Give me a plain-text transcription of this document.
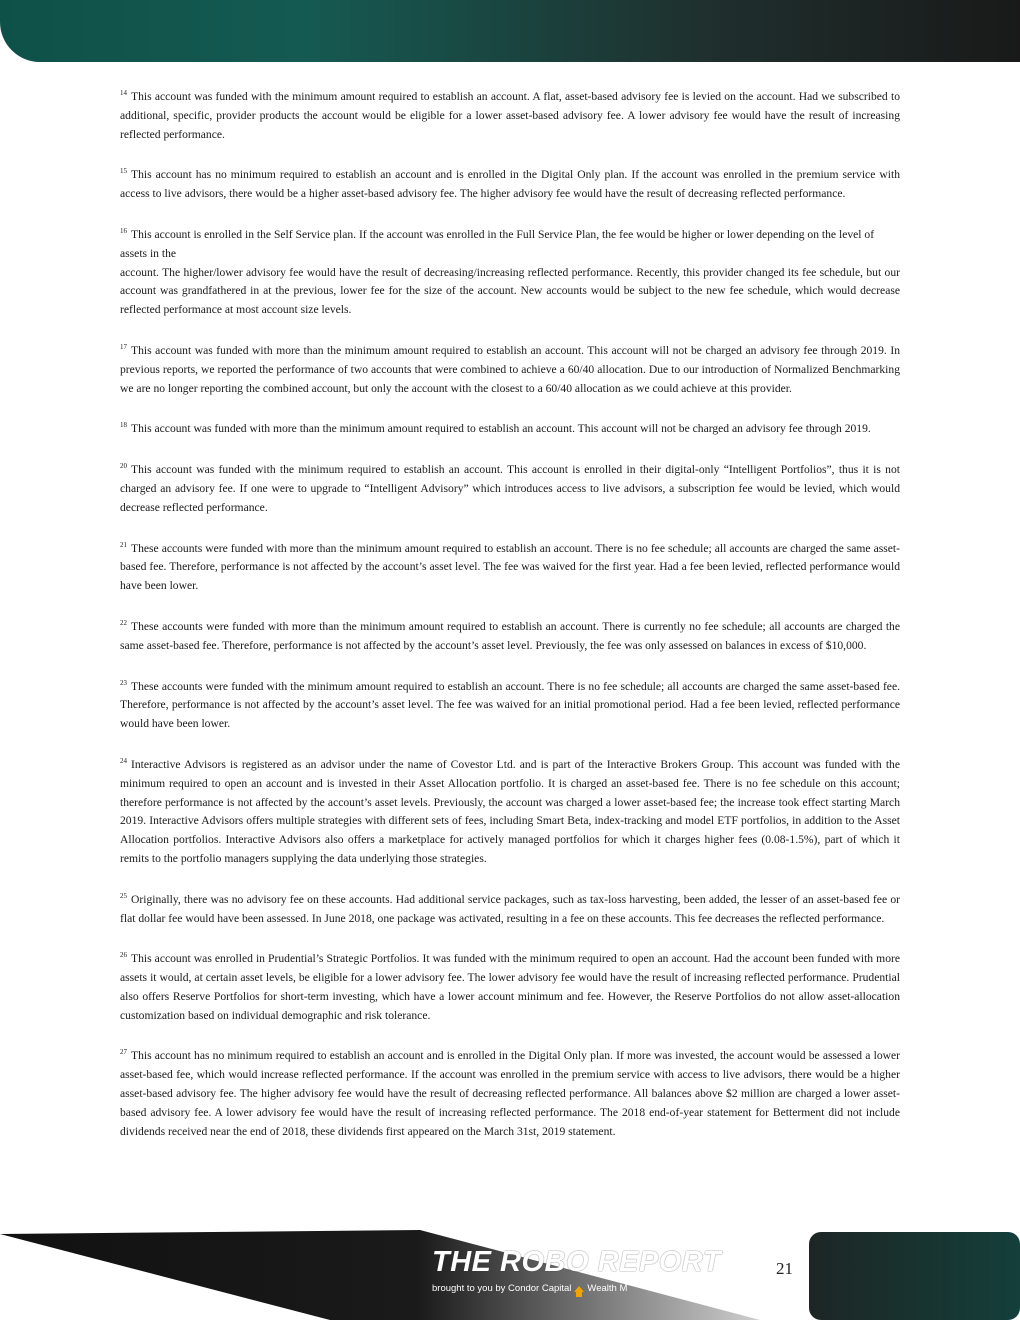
$^{14}$ This account was funded with the minimum amount required to establish an account. A flat, asset-based advisory fee is levied on the account. Had we subscribed to additional, specific, provider products the account would be eligible for a lower asset-based advisory fee. A lower advisory fee would have the result of increasing reflected performance.

$^{15}$ This account has no minimum required to establish an account and is enrolled in the Digital Only plan. If the account was enrolled in the premium service with access to live advisors, there would be a higher asset-based advisory fee. The higher advisory fee would have the result of decreasing reflected performance.

$^{16}$ This account is enrolled in the Self Service plan. If the account was enrolled in the Full Service Plan, the fee would be higher or lower depending on the level of assets in the

account. The higher/lower advisory fee would have the result of decreasing/increasing reflected performance. Recently, this provider changed its fee schedule, but our account was grandfathered in at the previous, lower fee for the size of the account. New accounts would be subject to the new fee schedule, which would decrease reflected performance at most account size levels.

$^{17}$ This account was funded with more than the minimum amount required to establish an account. This account will not be charged an advisory fee through 2019. In previous reports, we reported the performance of two accounts that were combined to achieve a 60/40 allocation. Due to our introduction of Normalized Benchmarking we are no longer reporting the combined account, but only the account with the closest to a 60/40 allocation as we could achieve at this provider.

$^{18}$ This account was funded with more than the minimum amount required to establish an account. This account will not be charged an advisory fee through 2019.

$^{20}$ This account was funded with the minimum required to establish an account. This account is enrolled in their digital-only “Intelligent Portfolios”, thus it is not charged an advisory fee. If one were to upgrade to “Intelligent Advisory” which introduces access to live advisors, a subscription fee would be levied, which would decrease reflected performance.

$^{21}$ These accounts were funded with more than the minimum amount required to establish an account. There is no fee schedule; all accounts are charged the same asset-based fee. Therefore, performance is not affected by the account’s asset level. The fee was waived for the first year. Had a fee been levied, reflected performance would have been lower.

$^{22}$ These accounts were funded with more than the minimum amount required to establish an account. There is currently no fee schedule; all accounts are charged the same asset-based fee. Therefore, performance is not affected by the account’s asset level. Previously, the fee was only assessed on balances in excess of $10,000.

$^{23}$ These accounts were funded with the minimum amount required to establish an account. There is no fee schedule; all accounts are charged the same asset-based fee. Therefore, performance is not affected by the account’s asset level. The fee was waived for an initial promotional period. Had a fee been levied, reflected performance would have been lower.

$^{24}$ Interactive Advisors is registered as an advisor under the name of Covestor Ltd. and is part of the Interactive Brokers Group. This account was funded with the minimum required to open an account and is invested in their Asset Allocation portfolio. It is charged an asset-based fee. There is no fee schedule on this account; therefore performance is not affected by the account’s asset levels. Previously, the account was charged a lower asset-based fee; the increase took effect starting March 2019. Interactive Advisors offers multiple strategies with different sets of fees, including Smart Beta, index-tracking and model ETF portfolios, in addition to the Asset Allocation portfolios. Interactive Advisors also offers a marketplace for actively managed portfolios for which it charges higher fees (0.08-1.5%), part of which it remits to the portfolio managers supplying the data underlying those strategies.

$^{25}$ Originally, there was no advisory fee on these accounts. Had additional service packages, such as tax-loss harvesting, been added, the lesser of an asset-based fee or flat dollar fee would have been assessed. In June 2018, one package was activated, resulting in a fee on these accounts. This fee decreases the reflected performance.

$^{26}$ This account was enrolled in Prudential’s Strategic Portfolios. It was funded with the minimum required to open an account. Had the account been funded with more assets it would, at certain asset levels, be eligible for a lower advisory fee. The lower advisory fee would have the result of increasing reflected performance. Prudential also offers Reserve Portfolios for short-term investing, which have a lower account minimum and fee. However, the Reserve Portfolios do not allow asset-allocation customization based on individual demographic and risk tolerance.

$^{27}$ This account has no minimum required to establish an account and is enrolled in the Digital Only plan. If more was invested, the account would be assessed a lower asset-based fee, which would increase reflected performance. If the account was enrolled in the premium service with access to live advisors, there would be a higher asset-based advisory fee. The higher advisory fee would have the result of decreasing reflected performance. All balances above $2 million are charged a lower asset-based advisory fee. A lower advisory fee would have the result of increasing reflected performance. The 2018 end-of-year statement for Betterment did not include dividends received near the end of 2018, these dividends first appeared on the March 31st, 2019 statement.

THE ROBO REPORT
brought to you by Condor Capital Wealth M
21
